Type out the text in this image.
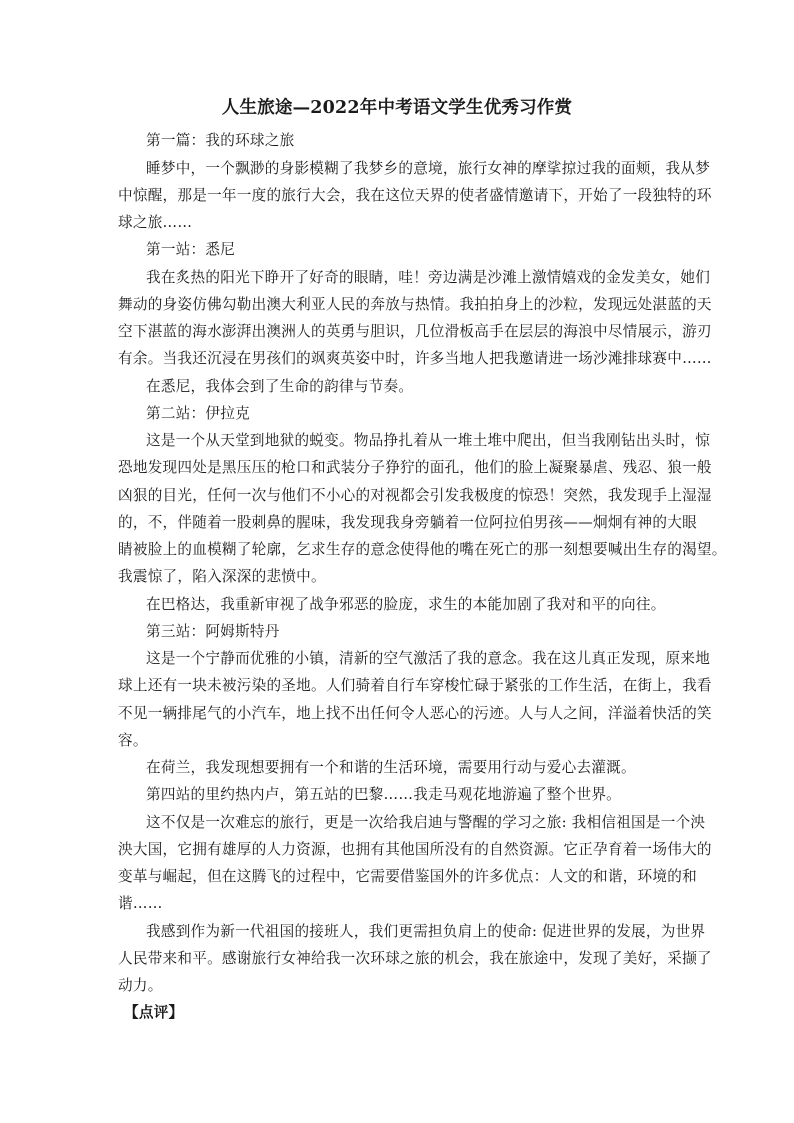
人生旅途—2022年中考语文学生优秀习作赏
第一篇：我的环球之旅
睡梦中，一个飘渺的身影模糊了我梦乡的意境，旅行女神的摩挲掠过我的面颊，我从梦
中惊醒，那是一年一度的旅行大会，我在这位天界的使者盛情邀请下，开始了一段独特的环
球之旅……
第一站：悉尼
我在炙热的阳光下睁开了好奇的眼睛，哇！旁边满是沙滩上激情嬉戏的金发美女，她们
舞动的身姿仿佛勾勒出澳大利亚人民的奔放与热情。我拍拍身上的沙粒，发现远处湛蓝的天
空下湛蓝的海水澎湃出澳洲人的英勇与胆识，几位滑板高手在层层的海浪中尽情展示，游刃
有余。当我还沉浸在男孩们的飒爽英姿中时，许多当地人把我邀请进一场沙滩排球赛中……
在悉尼，我体会到了生命的韵律与节奏。
第二站：伊拉克
这是一个从天堂到地狱的蜕变。物品挣扎着从一堆土堆中爬出，但当我刚钻出头时，惊
恐地发现四处是黑压压的枪口和武装分子狰狞的面孔，他们的脸上凝聚暴虐、残忍、狼一般
凶狠的目光，任何一次与他们不小心的对视都会引发我极度的惊恐！突然，我发现手上湿湿
的，不，伴随着一股刺鼻的腥味，我发现我身旁躺着一位阿拉伯男孩——炯炯有神的大眼
睛被脸上的血模糊了轮廓，乞求生存的意念使得他的嘴在死亡的那一刻想要喊出生存的渴望。
我震惊了，陷入深深的悲愤中。
在巴格达，我重新审视了战争邪恶的脸庞，求生的本能加剧了我对和平的向往。
第三站：阿姆斯特丹
这是一个宁静而优雅的小镇，清新的空气激活了我的意念。我在这儿真正发现，原来地
球上还有一块未被污染的圣地。人们骑着自行车穿梭忙碌于紧张的工作生活，在街上，我看
不见一辆排尾气的小汽车，地上找不出任何令人恶心的污迹。人与人之间，洋溢着快活的笑
容。
在荷兰，我发现想要拥有一个和谐的生活环境，需要用行动与爱心去灌溉。
第四站的里约热内卢，第五站的巴黎……我走马观花地游遍了整个世界。
这不仅是一次难忘的旅行，更是一次给我启迪与警醒的学习之旅: 我相信祖国是一个泱
泱大国，它拥有雄厚的人力资源，也拥有其他国所没有的自然资源。它正孕育着一场伟大的
变革与崛起，但在这腾飞的过程中，它需要借鉴国外的许多优点：人文的和谐，环境的和
谐……
我感到作为新一代祖国的接班人，我们更需担负肩上的使命: 促进世界的发展，为世界
人民带来和平。感谢旅行女神给我一次环球之旅的机会，我在旅途中，发现了美好，采撷了
动力。
【点评】
